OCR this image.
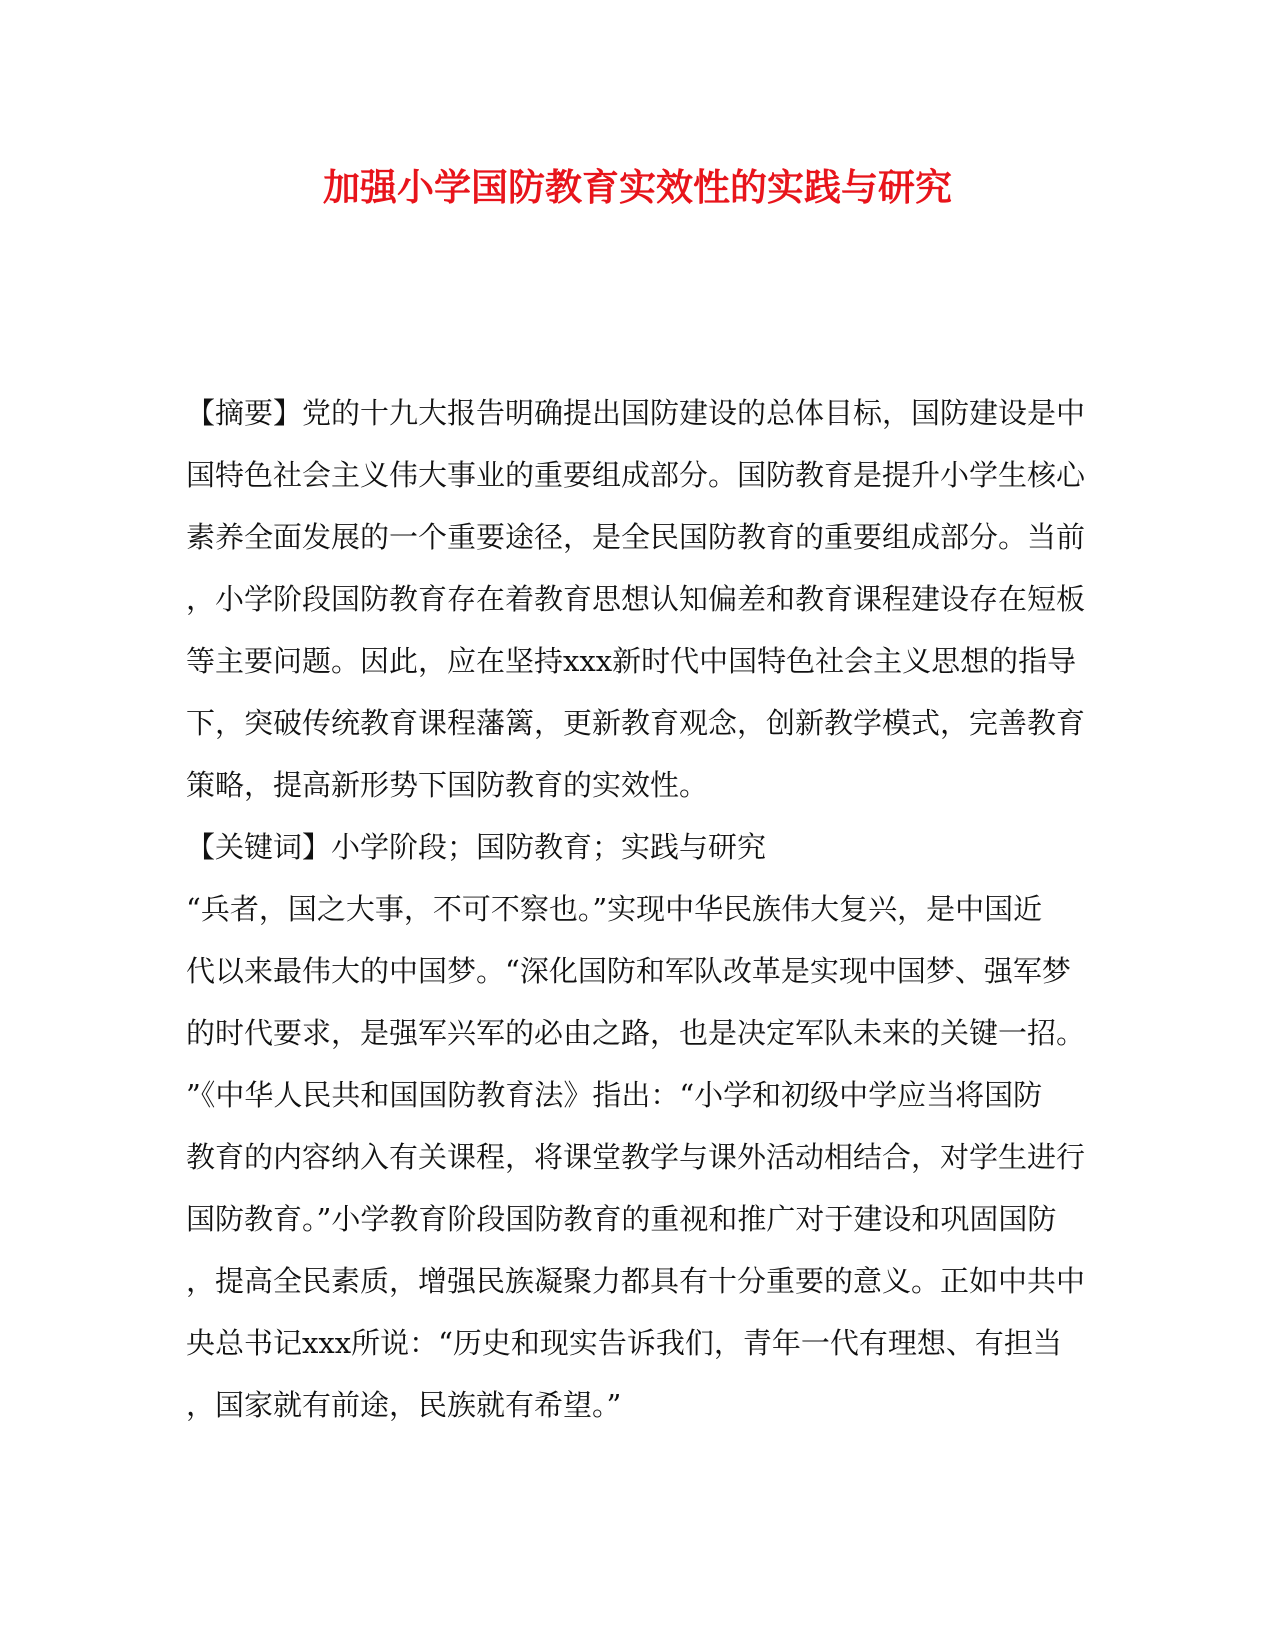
加强小学国防教育实效性的实践与研究
【摘要】党的十九大报告明确提出国防建设的总体目标，国防建设是中
国特色社会主义伟大事业的重要组成部分。国防教育是提升小学生核心
素养全面发展的一个重要途径，是全民国防教育的重要组成部分。当前
，小学阶段国防教育存在着教育思想认知偏差和教育课程建设存在短板
等主要问题。因此，应在坚持xxx新时代中国特色社会主义思想的指导
下，突破传统教育课程藩篱，更新教育观念，创新教学模式，完善教育
策略，提高新形势下国防教育的实效性。
【关键词】小学阶段；国防教育；实践与研究
“兵者，国之大事，不可不察也。”实现中华民族伟大复兴，是中国近
代以来最伟大的中国梦。“深化国防和军队改革是实现中国梦、强军梦
的时代要求，是强军兴军的必由之路，也是决定军队未来的关键一招。
”《中华人民共和国国防教育法》指出：“小学和初级中学应当将国防
教育的内容纳入有关课程，将课堂教学与课外活动相结合，对学生进行
国防教育。”小学教育阶段国防教育的重视和推广对于建设和巩固国防
，提高全民素质，增强民族凝聚力都具有十分重要的意义。正如中共中
央总书记xxx所说：“历史和现实告诉我们，青年一代有理想、有担当
，国家就有前途，民族就有希望。”
